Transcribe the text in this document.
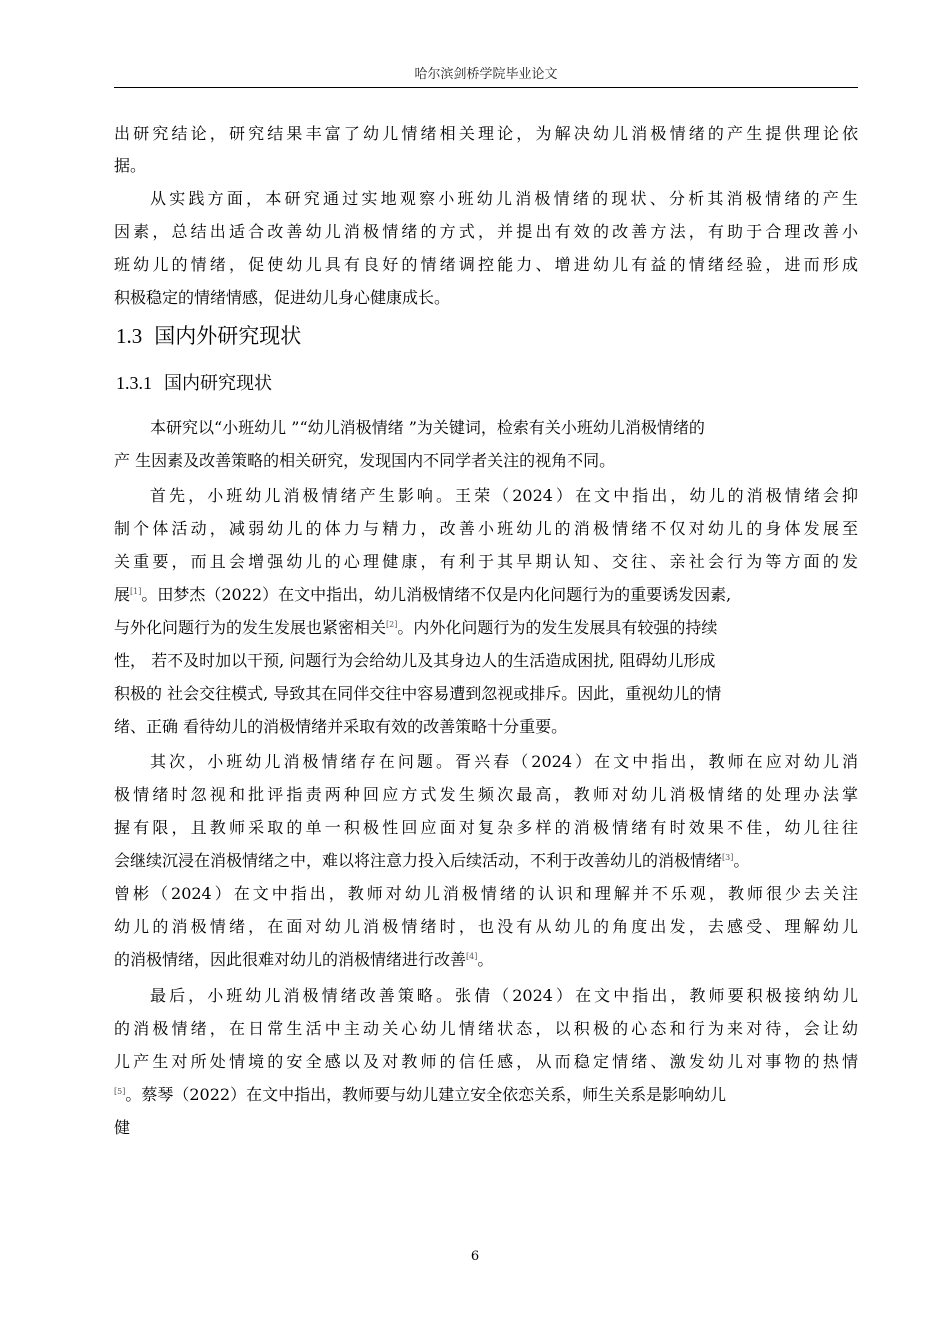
哈尔滨剑桥学院毕业论文
出研究结论，研究结果丰富了幼儿情绪相关理论，为解决幼儿消极情绪的产生提供理论依
据。
从实践方面，本研究通过实地观察小班幼儿消极情绪的现状、分析其消极情绪的产生
因素，总结出适合改善幼儿消极情绪的方式，并提出有效的改善方法，有助于合理改善小
班幼儿的情绪，促使幼儿具有良好的情绪调控能力、增进幼儿有益的情绪经验，进而形成
积极稳定的情绪情感，促进幼儿身心健康成长。
1.3 国内外研究现状
1.3.1 国内研究现状
本研究以“小班幼儿 ”“幼儿消极情绪 ”为关键词，检索有关小班幼儿消极情绪的
产 生因素及改善策略的相关研究，发现国内不同学者关注的视角不同。
首先，小班幼儿消极情绪产生影响。王荣（2024）在文中指出，幼儿的消极情绪会抑
制个体活动，减弱幼儿的体力与精力，改善小班幼儿的消极情绪不仅对幼儿的身体发展至
关重要，而且会增强幼儿的心理健康，有利于其早期认知、交往、亲社会行为等方面的发
展[1]。田梦杰（2022）在文中指出，幼儿消极情绪不仅是内化问题行为的重要诱发因素,
与外化问题行为的发生发展也紧密相关[2]。内外化问题行为的发生发展具有较强的持续
性， 若不及时加以干预, 问题行为会给幼儿及其身边人的生活造成困扰, 阻碍幼儿形成
积极的 社会交往模式, 导致其在同伴交往中容易遭到忽视或排斥。因此，重视幼儿的情
绪、正确 看待幼儿的消极情绪并采取有效的改善策略十分重要。
其次，小班幼儿消极情绪存在问题。胥兴春（2024）在文中指出，教师在应对幼儿消
极情绪时忽视和批评指责两种回应方式发生频次最高，教师对幼儿消极情绪的处理办法掌
握有限，且教师采取的单一积极性回应面对复杂多样的消极情绪有时效果不佳，幼儿往往
会继续沉浸在消极情绪之中，难以将注意力投入后续活动，不利于改善幼儿的消极情绪[3]。
曾彬（2024）在文中指出，教师对幼儿消极情绪的认识和理解并不乐观，教师很少去关注
幼儿的消极情绪，在面对幼儿消极情绪时，也没有从幼儿的角度出发，去感受、理解幼儿
的消极情绪，因此很难对幼儿的消极情绪进行改善[4]。
最后，小班幼儿消极情绪改善策略。张倩（2024）在文中指出，教师要积极接纳幼儿
的消极情绪，在日常生活中主动关心幼儿情绪状态，以积极的心态和行为来对待，会让幼
儿产生对所处情境的安全感以及对教师的信任感，从而稳定情绪、激发幼儿对事物的热情
[5]。蔡琴（2022）在文中指出，教师要与幼儿建立安全依恋关系，师生关系是影响幼儿
健
6
